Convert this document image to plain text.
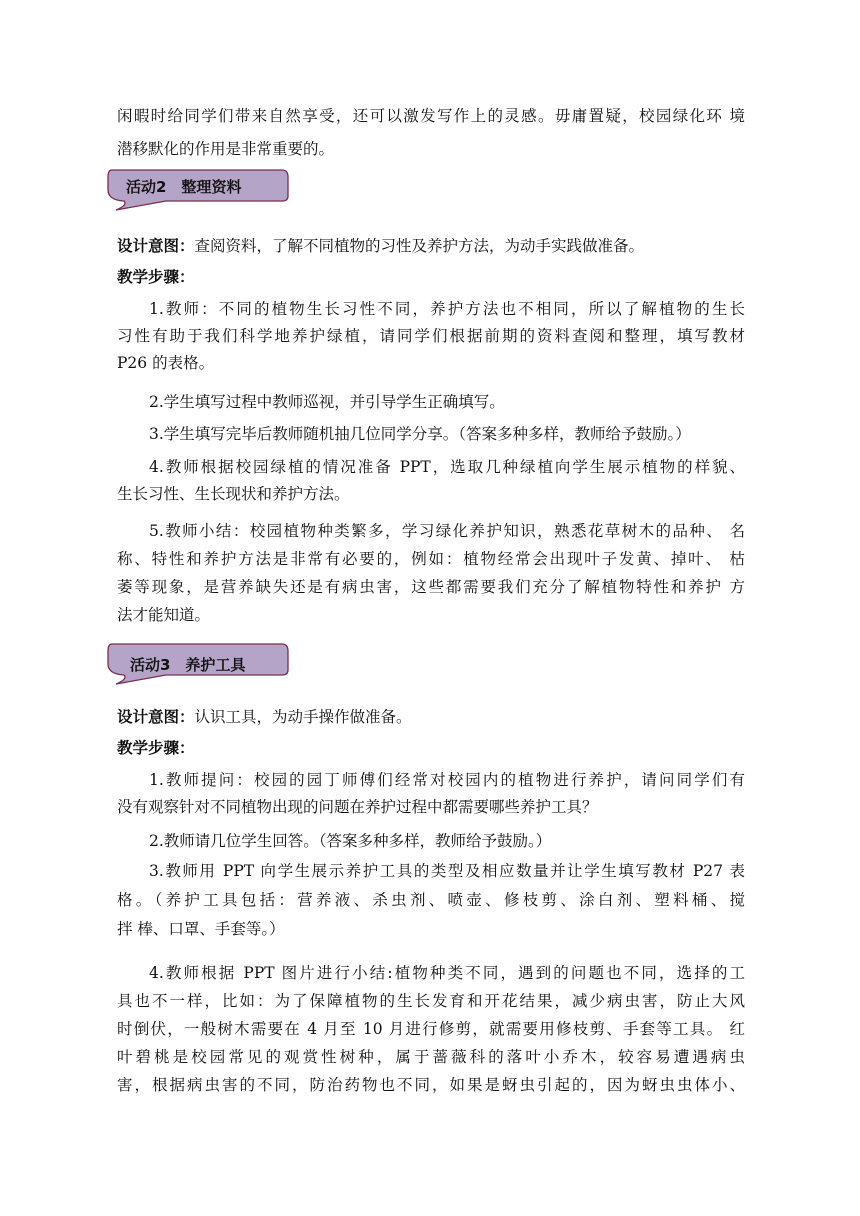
闲暇时给同学们带来自然享受，还可以激发写作上的灵感。毋庸置疑，校园绿化环 境
潜移默化的作用是非常重要的。
活动2　整理资料
设计意图：查阅资料，了解不同植物的习性及养护方法，为动手实践做准备。
教学步骤：
1.教师：不同的植物生长习性不同，养护方法也不相同，所以了解植物的生长
习性有助于我们科学地养护绿植，请同学们根据前期的资料查阅和整理，填写教材
P26 的表格。
2.学生填写过程中教师巡视，并引导学生正确填写。
3.学生填写完毕后教师随机抽几位同学分享。（答案多种多样，教师给予鼓励。）
4.教师根据校园绿植的情况准备 PPT，选取几种绿植向学生展示植物的样貌、
生长习性、生长现状和养护方法。
5.教师小结：校园植物种类繁多，学习绿化养护知识，熟悉花草树木的品种、 名
称、特性和养护方法是非常有必要的，例如：植物经常会出现叶子发黄、掉叶、 枯
萎等现象，是营养缺失还是有病虫害，这些都需要我们充分了解植物特性和养护 方
法才能知道。
活动3　养护工具
设计意图：认识工具，为动手操作做准备。
教学步骤：
1.教师提问：校园的园丁师傅们经常对校园内的植物进行养护，请问同学们有
没有观察针对不同植物出现的问题在养护过程中都需要哪些养护工具？
2.教师请几位学生回答。（答案多种多样，教师给予鼓励。）
3.教师用 PPT 向学生展示养护工具的类型及相应数量并让学生填写教材 P27 表
格。（养护工具包括：营养液、杀虫剂、喷壶、修枝剪、涂白剂、塑料桶、搅
拌 棒、口罩、手套等。）
4.教师根据 PPT 图片进行小结:植物种类不同，遇到的问题也不同，选择的工
具也不一样，比如：为了保障植物的生长发育和开花结果，减少病虫害，防止大风
时倒伏，一般树木需要在 4 月至 10 月进行修剪，就需要用修枝剪、手套等工具。 红
叶碧桃是校园常见的观赏性树种，属于蔷薇科的落叶小乔木，较容易遭遇病虫
害，根据病虫害的不同，防治药物也不同，如果是蚜虫引起的，因为蚜虫虫体小、
